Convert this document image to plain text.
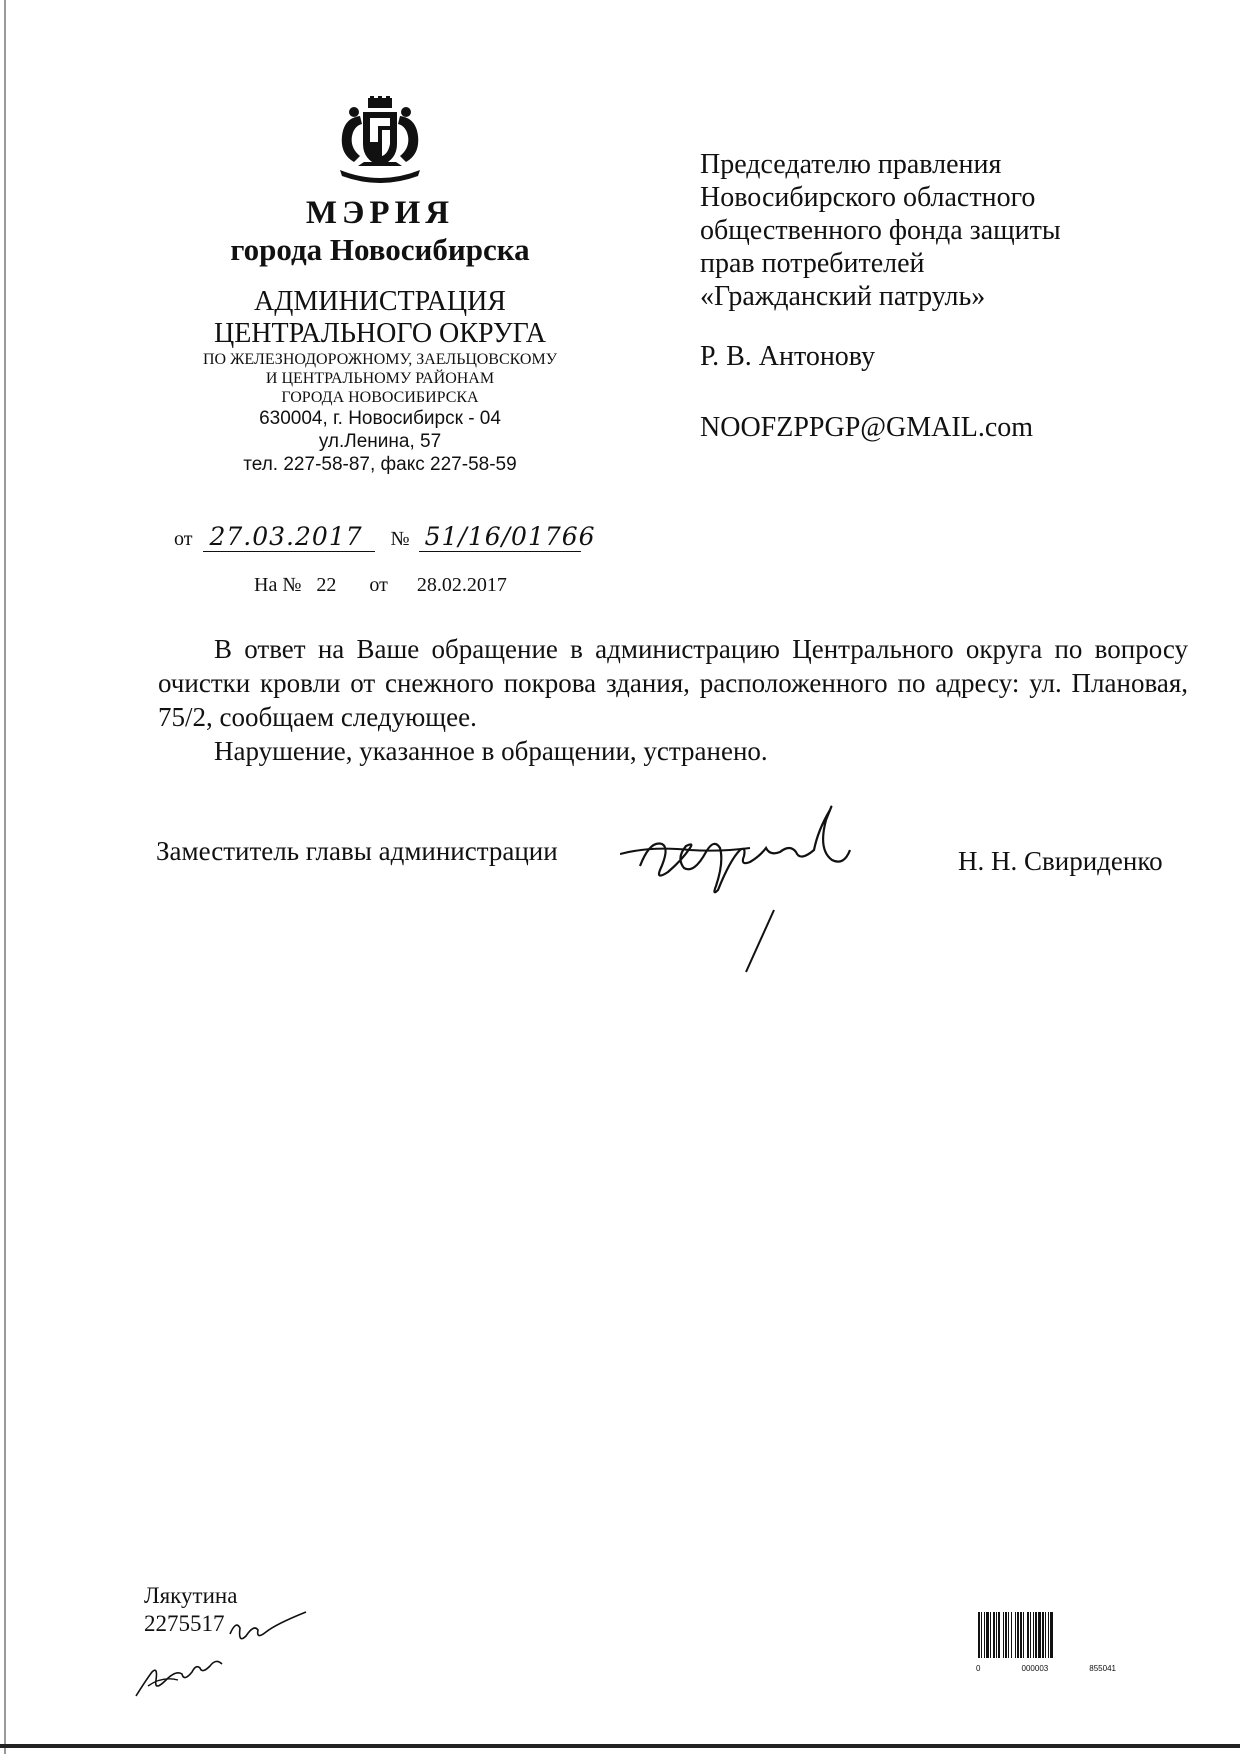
МЭРИЯ
города Новосибирска
АДМИНИСТРАЦИЯ
ЦЕНТРАЛЬНОГО ОКРУГА
ПО ЖЕЛЕЗНОДОРОЖНОМУ, ЗАЕЛЬЦОВСКОМУ
И ЦЕНТРАЛЬНОМУ РАЙОНАМ
ГОРОДА НОВОСИБИРСКА
630004, г. Новосибирск - 04
ул.Ленина, 57
тел. 227-58-87, факс 227-58-59
от 27.03.2017 № 51/16/01766
На № 22 от 28.02.2017
Председателю правления
Новосибирского областного
общественного фонда защиты
прав потребителей
«Гражданский патруль»
Р. В. Антонову
NOOFZPPGP@GMAIL.com

В ответ на Ваше обращение в администрацию Центрального округа по вопросу очистки кровли от снежного покрова здания, расположенного по адресу: ул. Плановая, 75/2, сообщаем следующее.

Нарушение, указанное в обращении, устранено.

Заместитель главы администрации	Н. Н. Свириденко
Лякутина
2275517
0	000003	855041
